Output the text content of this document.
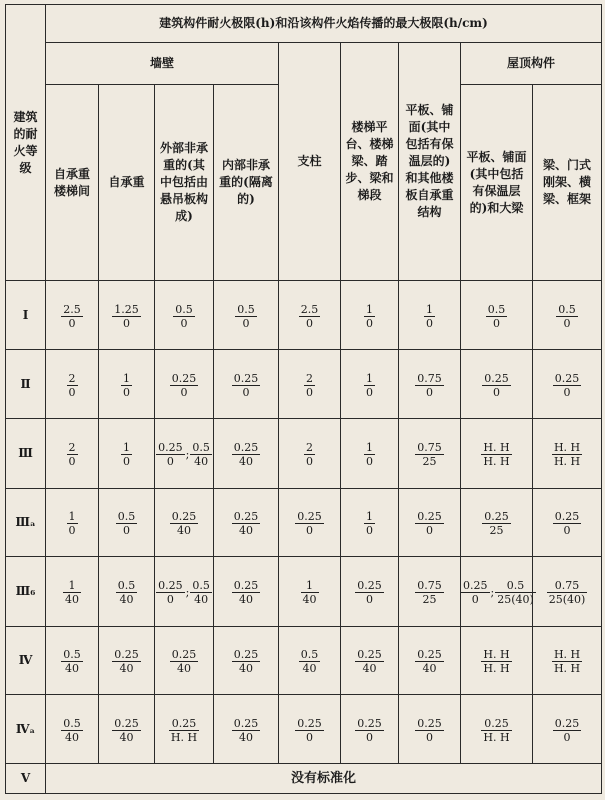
建筑的耐火等级	建筑构件耐火极限(h)和沿该构件火焰传播的最大极限(h/cm)								
	墙壁				支柱	楼梯平台、楼梯梁、踏步、梁和梯段	平板、铺面(其中包括有保温层的)和其他楼板自承重结构	屋顶构件	
	自承重楼梯间	自承重	外部非承重的(其中包括由悬吊板构成)	内部非承重的(隔离的)				平板、铺面(其中包括有保温层的)和大梁	梁、门式刚架、横梁、框架
Ⅰ	$\frac{2.5}{0}$	$\frac{1.25}{0}$	$\frac{0.5}{0}$	$\frac{0.5}{0}$	$\frac{2.5}{0}$	$\frac{1}{0}$	$\frac{1}{0}$	$\frac{0.5}{0}$	$\frac{0.5}{0}$

Ⅱ	$\frac{2}{0}$	$\frac{1}{0}$	$\frac{0.25}{0}$	$\frac{0.25}{0}$	$\frac{2}{0}$	$\frac{1}{0}$	$\frac{0.75}{0}$	$\frac{0.25}{0}$	$\frac{0.25}{0}$

Ⅲ	$\frac{2}{0}$	$\frac{1}{0}$	$\frac{0.25}{0}$ ; $\frac{0.5}{40}$	$\frac{0.25}{40}$	$\frac{2}{0}$	$\frac{1}{0}$	$\frac{0.75}{25}$	$\frac{H. H}{H. H}$	$\frac{H. H}{H. H}$

Ⅲₐ	$\frac{1}{0}$	$\frac{0.5}{0}$	$\frac{0.25}{40}$	$\frac{0.25}{40}$	$\frac{0.25}{0}$	$\frac{1}{0}$	$\frac{0.25}{0}$	$\frac{0.25}{25}$	$\frac{0.25}{0}$

Ⅲ₆	$\frac{1}{40}$	$\frac{0.5}{40}$	$\frac{0.25}{0}$ ; $\frac{0.5}{40}$	$\frac{0.25}{40}$	$\frac{1}{40}$	$\frac{0.25}{0}$	$\frac{0.75}{25}$	$\frac{0.25}{0}$ ; $\frac{0.5}{25(40)}$	$\frac{0.75}{25(40)}$

Ⅳ	$\frac{0.5}{40}$	$\frac{0.25}{40}$	$\frac{0.25}{40}$	$\frac{0.25}{40}$	$\frac{0.5}{40}$	$\frac{0.25}{40}$	$\frac{0.25}{40}$	$\frac{H. H}{H. H}$	$\frac{H. H}{H. H}$

Ⅳₐ	$\frac{0.5}{40}$	$\frac{0.25}{40}$	$\frac{0.25}{H. H}$	$\frac{0.25}{40}$	$\frac{0.25}{0}$	$\frac{0.25}{0}$	$\frac{0.25}{0}$	$\frac{0.25}{H. H}$	$\frac{0.25}{0}$

Ⅴ	没有标准化								
